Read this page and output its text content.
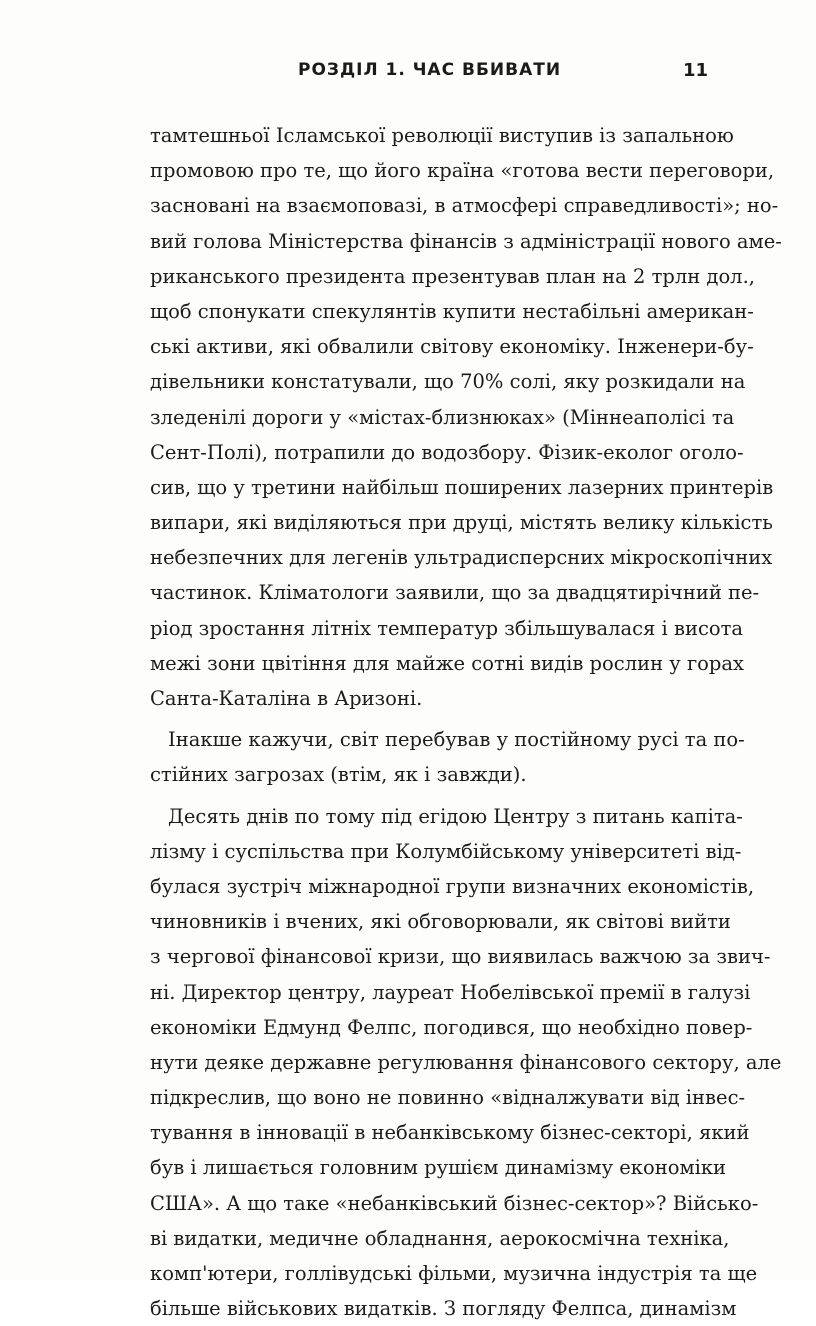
РОЗДІЛ 1. ЧАС ВБИВАТИ	11
тамтешньої Ісламської революції виступив із запальною
промовою про те, що його країна «готова вести переговори,
засновані на взаємоповазі, в атмосфері справедливості»; но-
вий голова Міністерства фінансів з адміністрації нового аме-
риканського президента презентував план на 2 трлн дол.,
щоб спонукати спекулянтів купити нестабільні американ-
ські активи, які обвалили світову економіку. Інженери-бу-
дівельники констатували, що 70% солі, яку розкидали на
зледенілі дороги у «містах-близнюках» (Міннеаполісі та
Сент-Полі), потрапили до водозбору. Фізик-еколог оголо-
сив, що у третини найбільш поширених лазерних принтерів
випари, які виділяються при друці, містять велику кількість
небезпечних для легенів ультрадисперсних мікроскопічних
частинок. Кліматологи заявили, що за двадцятирічний пе-
ріод зростання літніх температур збільшувалася і висота
межі зони цвітіння для майже сотні видів рослин у горах
Санта-Каталіна в Аризоні.
Інакше кажучи, світ перебував у постійному русі та по-
стійних загрозах (втім, як і завжди).
Десять днів по тому під егідою Центру з питань капіта-
лізму і суспільства при Колумбійському університеті від-
булася зустріч міжнародної групи визначних економістів,
чиновників і вчених, які обговорювали, як світові вийти
з чергової фінансової кризи, що виявилась важчою за звич-
ні. Директор центру, лауреат Нобелівської премії в галузі
економіки Едмунд Фелпс, погодився, що необхідно повер-
нути деяке державне регулювання фінансового сектору, але
підкреслив, що воно не повинно «відналжувати від інвес-
тування в інновації в небанківському бізнес-секторі, який
був і лишається головним рушієм динамізму економіки
США». А що таке «небанківський бізнес-сектор»? Військо-
ві видатки, медичне обладнання, аерокосмічна техніка,
комп'ютери, голлівудські фільми, музична індустрія та ще
більше військових видатків. З погляду Фелпса, динамізм
